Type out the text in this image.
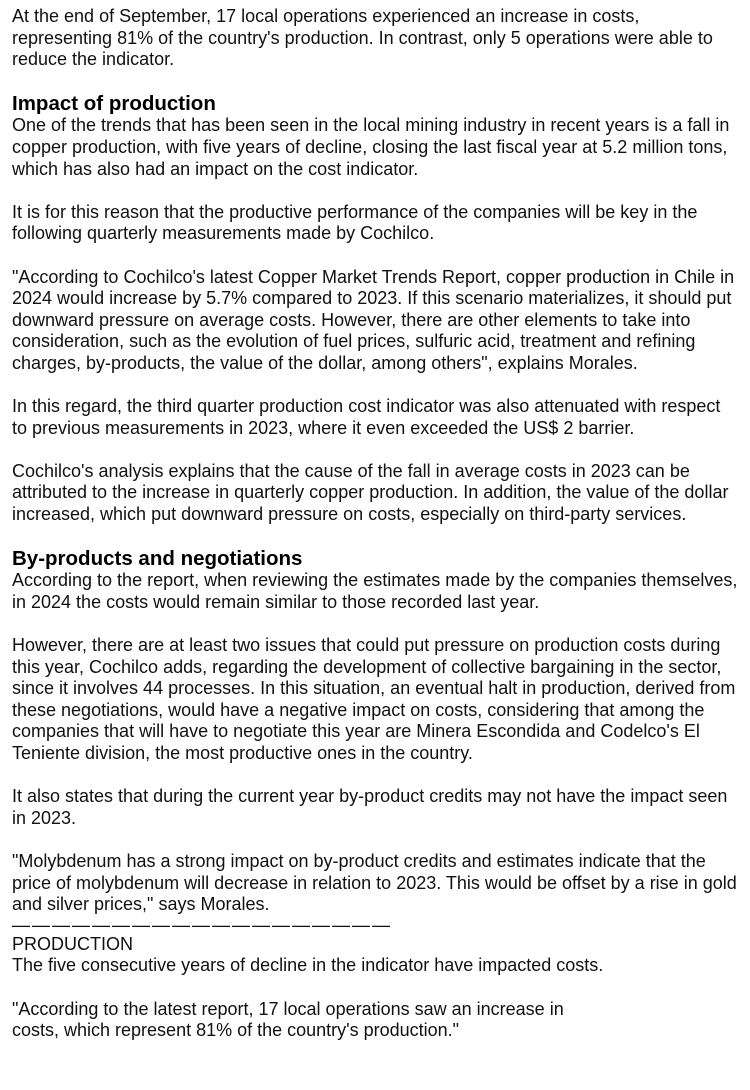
At the end of September, 17 local operations experienced an increase in costs, representing 81% of the country's production. In contrast, only 5 operations were able to reduce the indicator.

Impact of production

One of the trends that has been seen in the local mining industry in recent years is a fall in copper production, with five years of decline, closing the last fiscal year at 5.2 million tons, which has also had an impact on the cost indicator.

It is for this reason that the productive performance of the companies will be key in the following quarterly measurements made by Cochilco.

"According to Cochilco's latest Copper Market Trends Report, copper production in Chile in 2024 would increase by 5.7% compared to 2023. If this scenario materializes, it should put downward pressure on average costs. However, there are other elements to take into consideration, such as the evolution of fuel prices, sulfuric acid, treatment and refining charges, by-products, the value of the dollar, among others", explains Morales.

In this regard, the third quarter production cost indicator was also attenuated with respect to previous measurements in 2023, where it even exceeded the US$ 2 barrier.

Cochilco's analysis explains that the cause of the fall in average costs in 2023 can be attributed to the increase in quarterly copper production. In addition, the value of the dollar increased, which put downward pressure on costs, especially on third-party services.

By-products and negotiations

According to the report, when reviewing the estimates made by the companies themselves, in 2024 the costs would remain similar to those recorded last year.

However, there are at least two issues that could put pressure on production costs during this year, Cochilco adds, regarding the development of collective bargaining in the sector, since it involves 44 processes. In this situation, an eventual halt in production, derived from these negotiations, would have a negative impact on costs, considering that among the companies that will have to negotiate this year are Minera Escondida and Codelco's El Teniente division, the most productive ones in the country.

It also states that during the current year by-product credits may not have the impact seen in 2023.

"Molybdenum has a strong impact on by-product credits and estimates indicate that the price of molybdenum will decrease in relation to 2023. This would be offset by a rise in gold and silver prices," says Morales.

———————————————————
PRODUCTION

The five consecutive years of decline in the indicator have impacted costs.

"According to the latest report, 17 local operations saw an increase in
costs, which represent 81% of the country's production."
